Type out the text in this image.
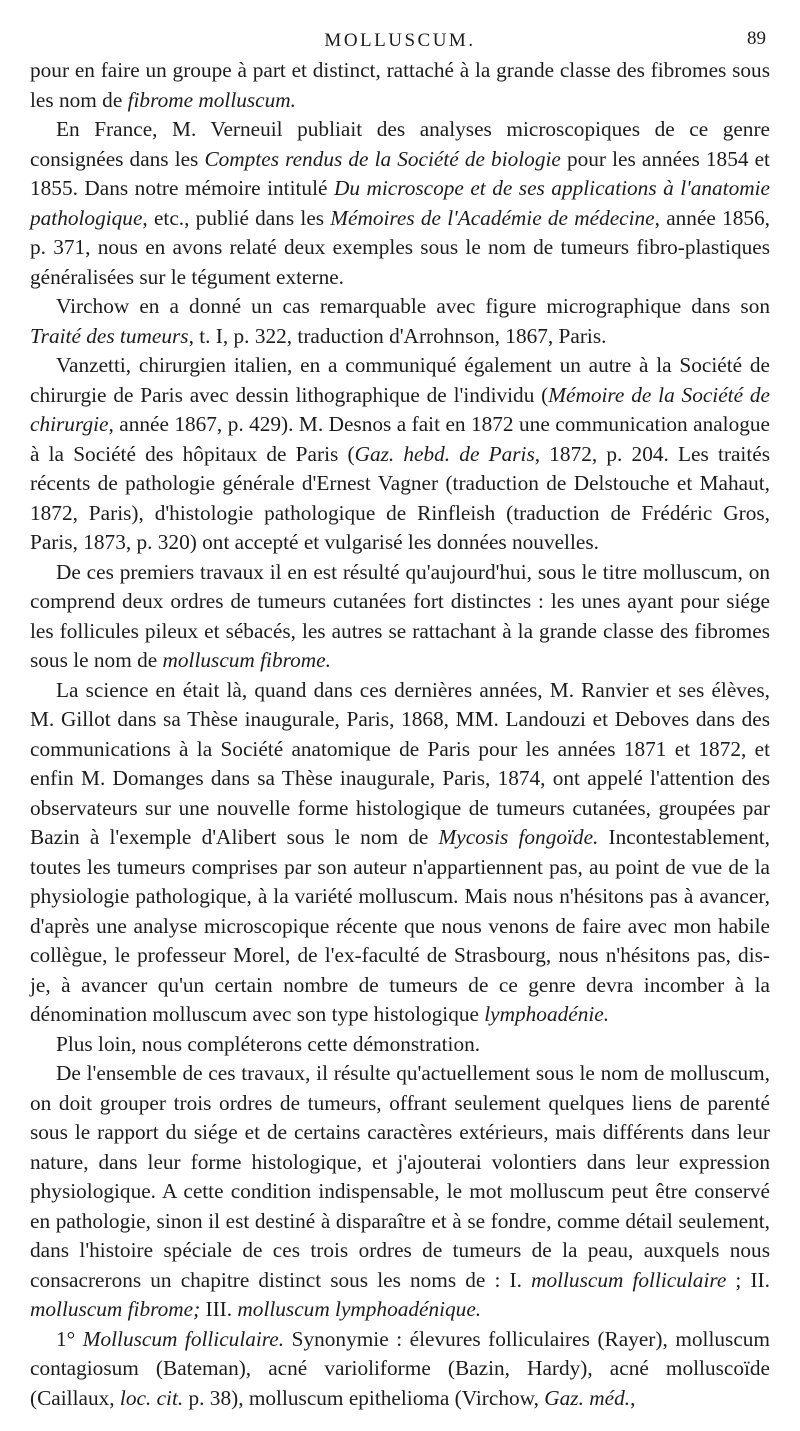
MOLLUSCUM.	89

pour en faire un groupe à part et distinct, rattaché à la grande classe des fibromes sous les nom de fibrome molluscum.

En France, M. Verneuil publiait des analyses microscopiques de ce genre consignées dans les Comptes rendus de la Société de biologie pour les années 1854 et 1855. Dans notre mémoire intitulé Du microscope et de ses applications à l'anatomie pathologique, etc., publié dans les Mémoires de l'Académie de médecine, année 1856, p. 371, nous en avons relaté deux exemples sous le nom de tumeurs fibro-plastiques généralisées sur le tégument externe.

Virchow en a donné un cas remarquable avec figure micrographique dans son Traité des tumeurs, t. I, p. 322, traduction d'Arrohnson, 1867, Paris.

Vanzetti, chirurgien italien, en a communiqué également un autre à la Société de chirurgie de Paris avec dessin lithographique de l'individu (Mémoire de la Société de chirurgie, année 1867, p. 429). M. Desnos a fait en 1872 une communication analogue à la Société des hôpitaux de Paris (Gaz. hebd. de Paris, 1872, p. 204. Les traités récents de pathologie générale d'Ernest Vagner (traduction de Delstouche et Mahaut, 1872, Paris), d'histologie pathologique de Rinfleish (traduction de Frédéric Gros, Paris, 1873, p. 320) ont accepté et vulgarisé les données nouvelles.

De ces premiers travaux il en est résulté qu'aujourd'hui, sous le titre molluscum, on comprend deux ordres de tumeurs cutanées fort distinctes : les unes ayant pour siége les follicules pileux et sébacés, les autres se rattachant à la grande classe des fibromes sous le nom de molluscum fibrome.

La science en était là, quand dans ces dernières années, M. Ranvier et ses élèves, M. Gillot dans sa Thèse inaugurale, Paris, 1868, MM. Landouzi et Deboves dans des communications à la Société anatomique de Paris pour les années 1871 et 1872, et enfin M. Domanges dans sa Thèse inaugurale, Paris, 1874, ont appelé l'attention des observateurs sur une nouvelle forme histologique de tumeurs cutanées, groupées par Bazin à l'exemple d'Alibert sous le nom de Mycosis fongoïde. Incontestablement, toutes les tumeurs comprises par son auteur n'appartiennent pas, au point de vue de la physiologie pathologique, à la variété molluscum. Mais nous n'hésitons pas à avancer, d'après une analyse microscopique récente que nous venons de faire avec mon habile collègue, le professeur Morel, de l'ex-faculté de Strasbourg, nous n'hésitons pas, dis-je, à avancer qu'un certain nombre de tumeurs de ce genre devra incomber à la dénomination molluscum avec son type histologique lymphoadénie.

Plus loin, nous compléterons cette démonstration.

De l'ensemble de ces travaux, il résulte qu'actuellement sous le nom de molluscum, on doit grouper trois ordres de tumeurs, offrant seulement quelques liens de parenté sous le rapport du siége et de certains caractères extérieurs, mais différents dans leur nature, dans leur forme histologique, et j'ajouterai volontiers dans leur expression physiologique. A cette condition indispensable, le mot molluscum peut être conservé en pathologie, sinon il est destiné à disparaître et à se fondre, comme détail seulement, dans l'histoire spéciale de ces trois ordres de tumeurs de la peau, auxquels nous consacrerons un chapitre distinct sous les noms de : I. molluscum folliculaire ; II. molluscum fibrome; III. molluscum lymphoadénique.

1° Molluscum folliculaire. Synonymie : élevures folliculaires (Rayer), molluscum contagiosum (Bateman), acné varioliforme (Bazin, Hardy), acné molluscoïde (Caillaux, loc. cit. p. 38), molluscum epithelioma (Virchow, Gaz. méd.,
